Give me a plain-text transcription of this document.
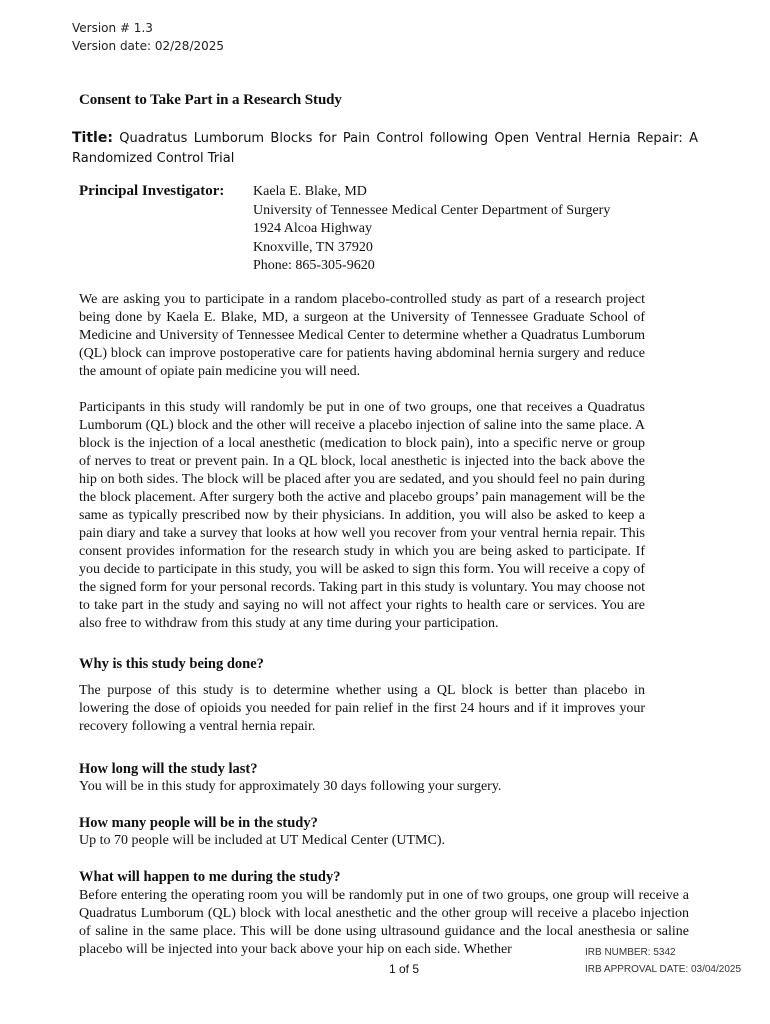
Version # 1.3
Version date: 02/28/2025
Consent to Take Part in a Research Study
Title: Quadratus Lumborum Blocks for Pain Control following Open Ventral Hernia Repair: A Randomized Control Trial
Principal Investigator: Kaela E. Blake, MD
University of Tennessee Medical Center Department of Surgery
1924 Alcoa Highway
Knoxville, TN 37920
Phone: 865-305-9620
We are asking you to participate in a random placebo-controlled study as part of a research project being done by Kaela E. Blake, MD, a surgeon at the University of Tennessee Graduate School of Medicine and University of Tennessee Medical Center to determine whether a Quadratus Lumborum (QL) block can improve postoperative care for patients having abdominal hernia surgery and reduce the amount of opiate pain medicine you will need.
Participants in this study will randomly be put in one of two groups, one that receives a Quadratus Lumborum (QL) block and the other will receive a placebo injection of saline into the same place. A block is the injection of a local anesthetic (medication to block pain), into a specific nerve or group of nerves to treat or prevent pain. In a QL block, local anesthetic is injected into the back above the hip on both sides. The block will be placed after you are sedated, and you should feel no pain during the block placement. After surgery both the active and placebo groups’ pain management will be the same as typically prescribed now by their physicians. In addition, you will also be asked to keep a pain diary and take a survey that looks at how well you recover from your ventral hernia repair. This consent provides information for the research study in which you are being asked to participate. If you decide to participate in this study, you will be asked to sign this form. You will receive a copy of the signed form for your personal records. Taking part in this study is voluntary. You may choose not to take part in the study and saying no will not affect your rights to health care or services. You are also free to withdraw from this study at any time during your participation.
Why is this study being done?
The purpose of this study is to determine whether using a QL block is better than placebo in lowering the dose of opioids you needed for pain relief in the first 24 hours and if it improves your recovery following a ventral hernia repair.
How long will the study last?
You will be in this study for approximately 30 days following your surgery.
How many people will be in the study?
Up to 70 people will be included at UT Medical Center (UTMC).
What will happen to me during the study?
Before entering the operating room you will be randomly put in one of two groups, one group will receive a Quadratus Lumborum (QL) block with local anesthetic and the other group will receive a placebo injection of saline in the same place. This will be done using ultrasound guidance and the local anesthesia or saline placebo will be injected into your back above your hip on each side. Whether
1 of 5
IRB NUMBER: 5342
IRB APPROVAL DATE: 03/04/2025
